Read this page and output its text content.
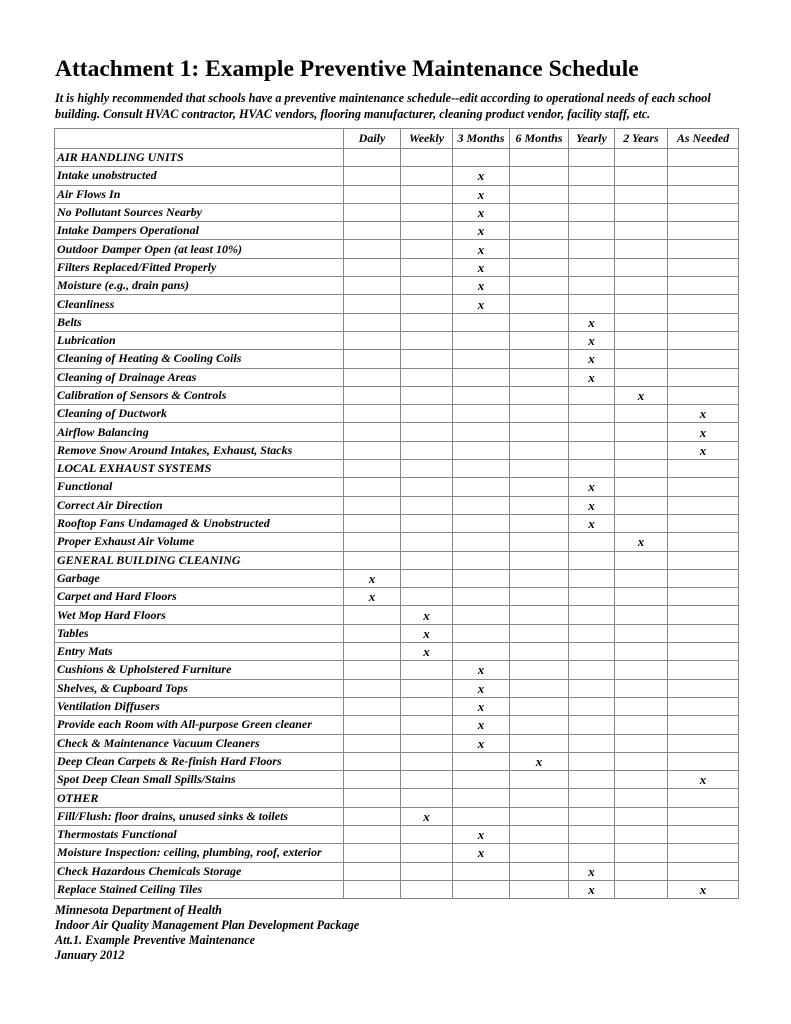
Attachment 1: Example Preventive Maintenance Schedule

It is highly recommended that schools have a preventive maintenance schedule--edit according to operational needs of each school building. Consult HVAC contractor, HVAC vendors, flooring manufacturer, cleaning product vendor, facility staff, etc.

	Daily	Weekly	3 Months	6 Months	Yearly	2 Years	As Needed
AIR HANDLING UNITS							
Intake unobstructed			x				
Air Flows In			x				
No Pollutant Sources Nearby			x				
Intake Dampers Operational			x				
Outdoor Damper Open (at least 10%)			x				
Filters Replaced/Fitted Properly			x				
Moisture (e.g., drain pans)			x				
Cleanliness			x				
Belts					x		
Lubrication					x		
Cleaning of Heating & Cooling Coils					x		
Cleaning of Drainage Areas					x		
Calibration of Sensors & Controls						x	
Cleaning of Ductwork							x
Airflow Balancing							x
Remove Snow Around Intakes, Exhaust, Stacks							x
LOCAL EXHAUST SYSTEMS							
Functional					x		
Correct Air Direction					x		
Rooftop Fans Undamaged & Unobstructed					x		
Proper Exhaust Air Volume						x	
GENERAL BUILDING CLEANING							
Garbage	x						
Carpet and Hard Floors	x						
Wet Mop Hard Floors		x					
Tables		x					
Entry Mats		x					
Cushions & Upholstered Furniture			x				
Shelves, & Cupboard Tops			x				
Ventilation Diffusers			x				
Provide each Room with All-purpose Green cleaner			x				
Check & Maintenance Vacuum Cleaners			x				
Deep Clean Carpets & Re-finish Hard Floors				x			
Spot Deep Clean Small Spills/Stains							x
OTHER							
Fill/Flush: floor drains, unused sinks & toilets		x					
Thermostats Functional			x				
Moisture Inspection: ceiling, plumbing, roof, exterior			x				
Check Hazardous Chemicals Storage					x		
Replace Stained Ceiling Tiles					x		x
Minnesota Department of Health
Indoor Air Quality Management Plan Development Package
Att.1. Example Preventive Maintenance
January 2012
